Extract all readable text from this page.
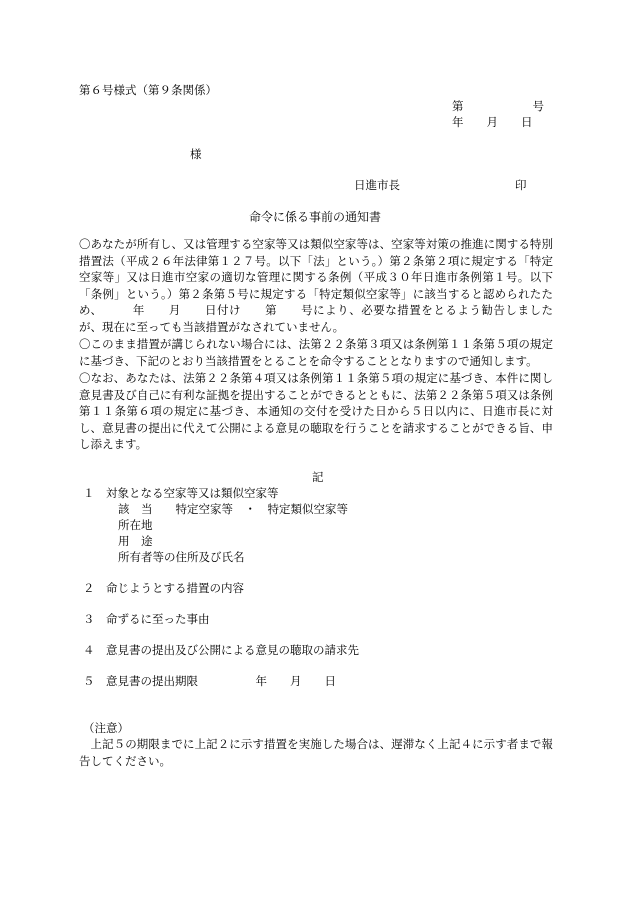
第６号様式（第９条関係）
第　　　　　　号
年　　月　　日
様
日進市長　　　　　　　　　　印
命令に係る事前の通知書
〇あなたが所有し、又は管理する空家等又は類似空家等は、空家等対策の推進に関する特別措置法（平成２６年法律第１２７号。以下「法」という。）第２条第２項に規定する「特定空家等」又は日進市空家の適切な管理に関する条例（平成３０年日進市条例第１号。以下「条例」という。）第２条第５号に規定する「特定類似空家等」に該当すると認められたため、　　　年　　月　　日付け　　第　　号により、必要な措置をとるよう勧告しましたが、現在に至っても当該措置がなされていません。
〇このまま措置が講じられない場合には、法第２２条第３項又は条例第１１条第５項の規定に基づき、下記のとおり当該措置をとることを命令することとなりますので通知します。
〇なお、あなたは、法第２２条第４項又は条例第１１条第５項の規定に基づき、本件に関し意見書及び自己に有利な証拠を提出することができるとともに、法第２２条第５項又は条例第１１条第６項の規定に基づき、本通知の交付を受けた日から５日以内に、日進市長に対し、意見書の提出に代えて公開による意見の聴取を行うことを請求することができる旨、申し添えます。
記
１ 対象となる空家等又は類似空家等
該　当　　特定空家等　・　特定類似空家等
所在地
用　途
所有者等の住所及び氏名
２ 命じようとする措置の内容
３ 命ずるに至った事由
４ 意見書の提出及び公開による意見の聴取の請求先
５ 意見書の提出期限　　　　　年　　月　　日
（注意）
　上記５の期限までに上記２に示す措置を実施した場合は、遅滞なく上記４に示す者まで報告してください。
